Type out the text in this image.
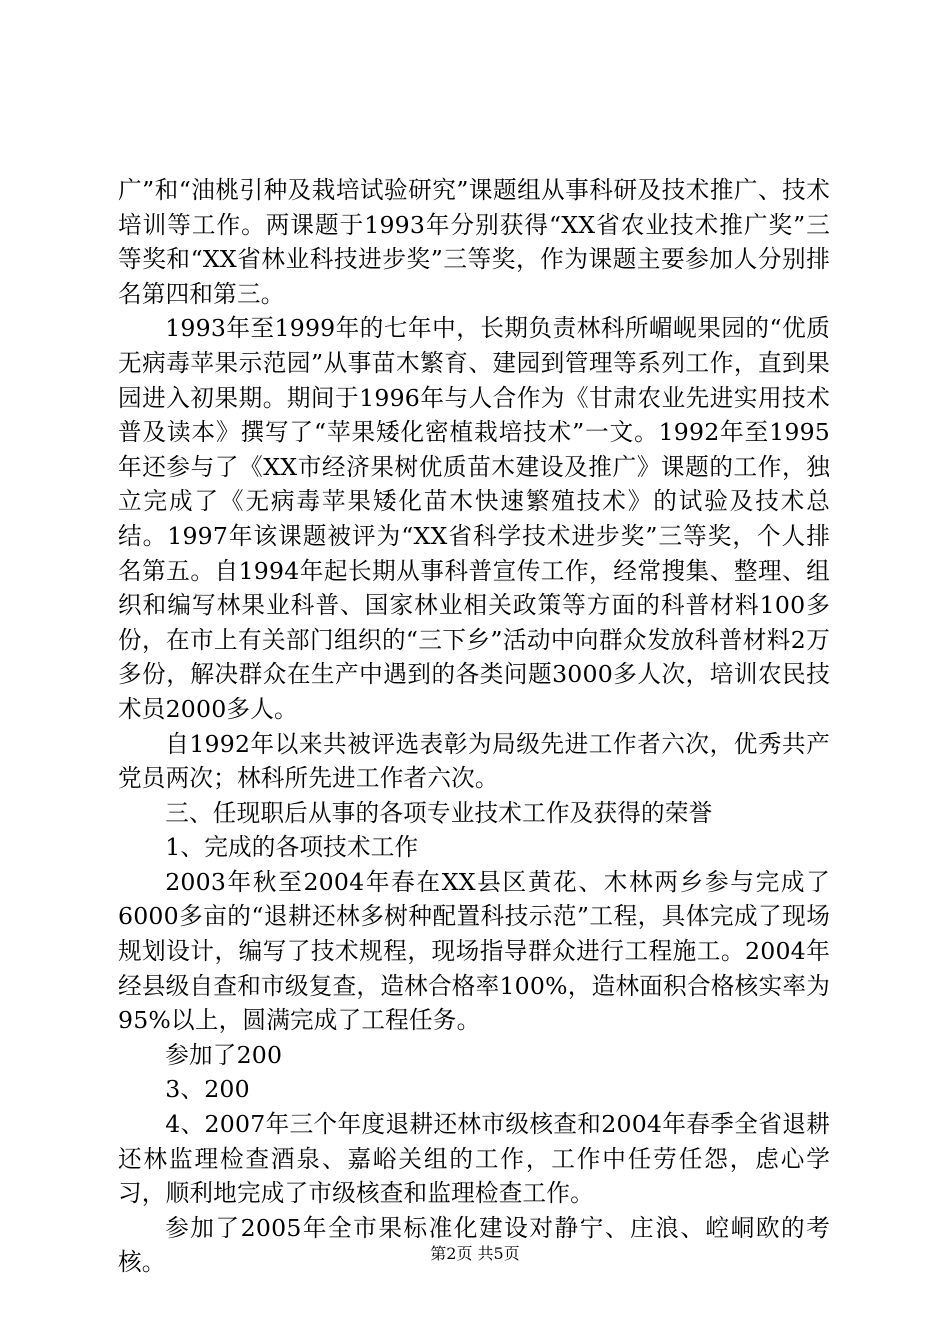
广”和“油桃引种及栽培试验研究”课题组从事科研及技术推广、技术培训等工作。两课题于1993年分别获得“XX省农业技术推广奖”三等奖和“XX省林业科技进步奖”三等奖，作为课题主要参加人分别排名第四和第三。

1993年至1999年的七年中，长期负责林科所嵋岘果园的“优质无病毒苹果示范园”从事苗木繁育、建园到管理等系列工作，直到果园进入初果期。期间于1996年与人合作为《甘肃农业先进实用技术普及读本》撰写了“苹果矮化密植栽培技术”一文。1992年至1995年还参与了《XX市经济果树优质苗木建设及推广》课题的工作，独立完成了《无病毒苹果矮化苗木快速繁殖技术》的试验及技术总结。1997年该课题被评为“XX省科学技术进步奖”三等奖，个人排名第五。自1994年起长期从事科普宣传工作，经常搜集、整理、组织和编写林果业科普、国家林业相关政策等方面的科普材料100多份，在市上有关部门组织的“三下乡”活动中向群众发放科普材料2万多份，解决群众在生产中遇到的各类问题3000多人次，培训农民技术员2000多人。

自1992年以来共被评选表彰为局级先进工作者六次，优秀共产党员两次；林科所先进工作者六次。

三、任现职后从事的各项专业技术工作及获得的荣誉

1、完成的各项技术工作

2003年秋至2004年春在XX县区黄花、木林两乡参与完成了6000多亩的“退耕还林多树种配置科技示范”工程，具体完成了现场规划设计，编写了技术规程，现场指导群众进行工程施工。2004年经县级自查和市级复查，造林合格率100%，造林面积合格核实率为95%以上，圆满完成了工程任务。

参加了200

3、200

4、2007年三个年度退耕还林市级核查和2004年春季全省退耕还林监理检查酒泉、嘉峪关组的工作，工作中任劳任怨，虑心学习，顺利地完成了市级核查和监理检查工作。

参加了2005年全市果标准化建设对静宁、庄浪、崆峒欧的考核。	第2页 共5页
